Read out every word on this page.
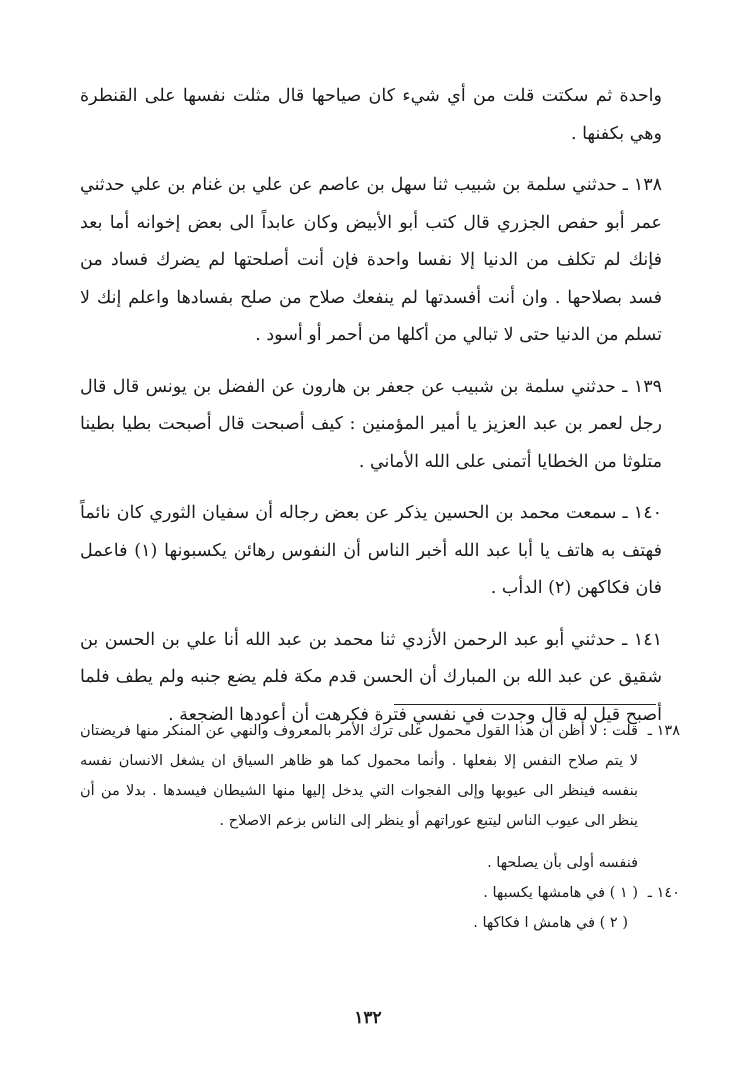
واحدة ثم سكتت قلت من أي شيء كان صياحها قال مثلت نفسها على القنطرة وهي بكفنها .

١٣٨ ـ حدثني سلمة بن شبيب ثنا سهل بن عاصم عن علي بن غنام بن علي حدثني عمر أبو حفص الجزري قال كتب أبو الأبيض وكان عابداً الى بعض إخوانه أما بعد فإنك لم تكلف من الدنيا إلا نفسا واحدة فإن أنت أصلحتها لم يضرك فساد من فسد بصلاحها . وان أنت أفسدتها لم ينفعك صلاح من صلح بفسادها واعلم إنك لا تسلم من الدنيا حتى لا تبالي من أكلها من أحمر أو أسود .

١٣٩ ـ حدثني سلمة بن شبيب عن جعفر بن هارون عن الفضل بن يونس قال قال رجل لعمر بن عبد العزيز يا أمير المؤمنين : كيف أصبحت قال أصبحت بطيا بطينا متلوثا من الخطايا أتمنى على الله الأماني .

١٤٠ ـ سمعت محمد بن الحسين يذكر عن بعض رجاله أن سفيان الثوري كان نائماً فهتف به هاتف يا أبا عبد الله أخبر الناس أن النفوس رهائن يكسبونها (١) فاعمل فان فكاكهن (٢) الدأب .

١٤١ ـ حدثني أبو عبد الرحمن الأزدي ثنا محمد بن عبد الله أنا علي بن الحسن بن شقيق عن عبد الله بن المبارك أن الحسن قدم مكة فلم يضع جنبه ولم يطف فلما أصبح قيل له قال وجدت في نفسي فترة فكرهت أن أعودها الضجعة .

١٣٨ ـ
قلت : لا أظن أن هذا القول محمول على ترك الأمر بالمعروف والنهي عن المنكر منها فريضتان لا يتم صلاح النفس إلا بفعلها . وأنما محمول كما هو ظاهر السياق ان يشغل الانسان نفسه بنفسه فينظر الى عيوبها وإلى الفجوات التي يدخل إليها منها الشيطان فيسدها . بدلا من أن ينظر الى عيوب الناس ليتبع عوراتهم أو ينظر إلى الناس بزعم الاصلاح .
فنفسه أولى بأن يصلحها .
١٤٠ ـ
( ١ ) في هامشها يكسبها .
( ٢ ) في هامش ا فكاكها .
١٣٢
